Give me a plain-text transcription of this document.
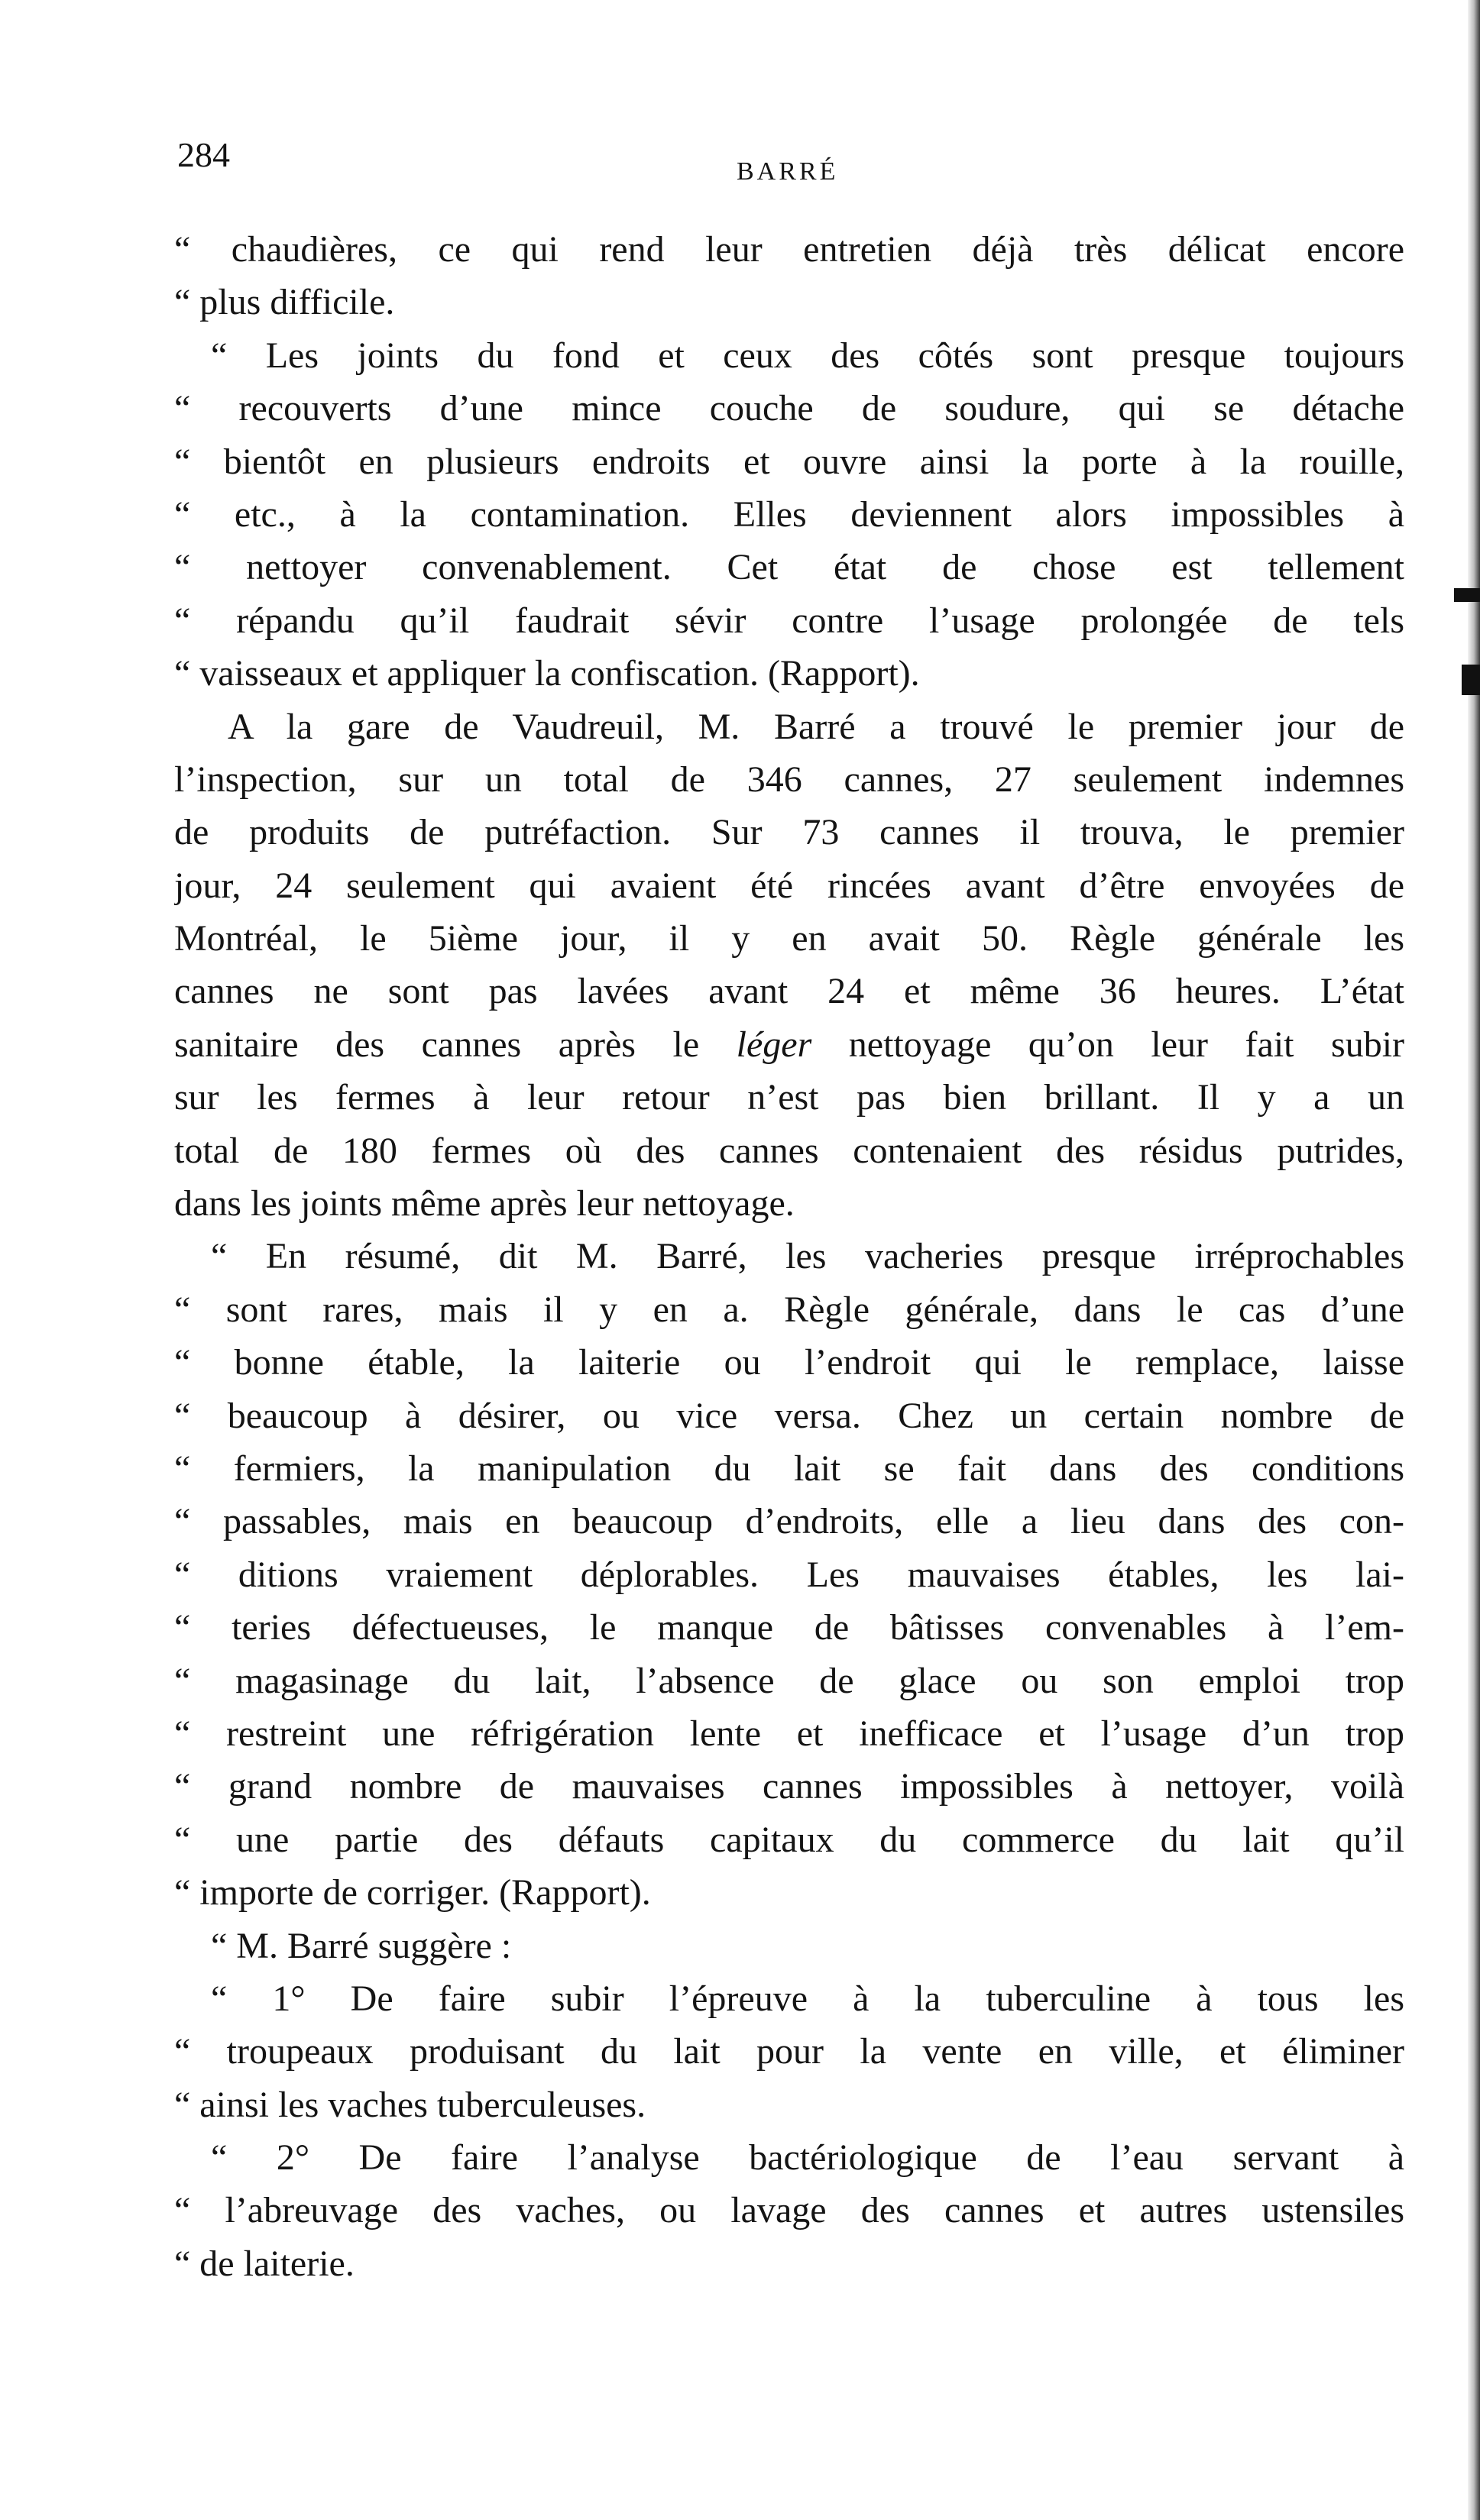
284	BARRÉ
“ chaudières, ce qui rend leur entretien déjà très délicat encore
“ plus difficile.
“ Les joints du fond et ceux des côtés sont presque toujours
“ recouverts d’une mince couche de soudure, qui se détache
“ bientôt en plusieurs endroits et ouvre ainsi la porte à la rouille,
“ etc., à la contamination. Elles deviennent alors impossibles à
“ nettoyer convenablement. Cet état de chose est tellement
“ répandu qu’il faudrait sévir contre l’usage prolongée de tels
“ vaisseaux et appliquer la confiscation. (Rapport).
A la gare de Vaudreuil, M. Barré a trouvé le premier jour de
l’inspection, sur un total de 346 cannes, 27 seulement indemnes
de produits de putréfaction. Sur 73 cannes il trouva, le premier
jour, 24 seulement qui avaient été rincées avant d’être envoyées de
Montréal, le 5ième jour, il y en avait 50. Règle générale les
cannes ne sont pas lavées avant 24 et même 36 heures. L’état
sanitaire des cannes après le léger nettoyage qu’on leur fait subir
sur les fermes à leur retour n’est pas bien brillant. Il y a un
total de 180 fermes où des cannes contenaient des résidus putrides,
dans les joints même après leur nettoyage.
“ En résumé, dit M. Barré, les vacheries presque irréprochables
“ sont rares, mais il y en a. Règle générale, dans le cas d’une
“ bonne étable, la laiterie ou l’endroit qui le remplace, laisse
“ beaucoup à désirer, ou vice versa. Chez un certain nombre de
“ fermiers, la manipulation du lait se fait dans des conditions
“ passables, mais en beaucoup d’endroits, elle a lieu dans des con-
“ ditions vraiement déplorables. Les mauvaises étables, les lai-
“ teries défectueuses, le manque de bâtisses convenables à l’em-
“ magasinage du lait, l’absence de glace ou son emploi trop
“ restreint une réfrigération lente et inefficace et l’usage d’un trop
“ grand nombre de mauvaises cannes impossibles à nettoyer, voilà
“ une partie des défauts capitaux du commerce du lait qu’il
“ importe de corriger. (Rapport).
“ M. Barré suggère :
“ 1° De faire subir l’épreuve à la tuberculine à tous les
“ troupeaux produisant du lait pour la vente en ville, et éliminer
“ ainsi les vaches tuberculeuses.
“ 2° De faire l’analyse bactériologique de l’eau servant à
“ l’abreuvage des vaches, ou lavage des cannes et autres ustensiles
“ de laiterie.
